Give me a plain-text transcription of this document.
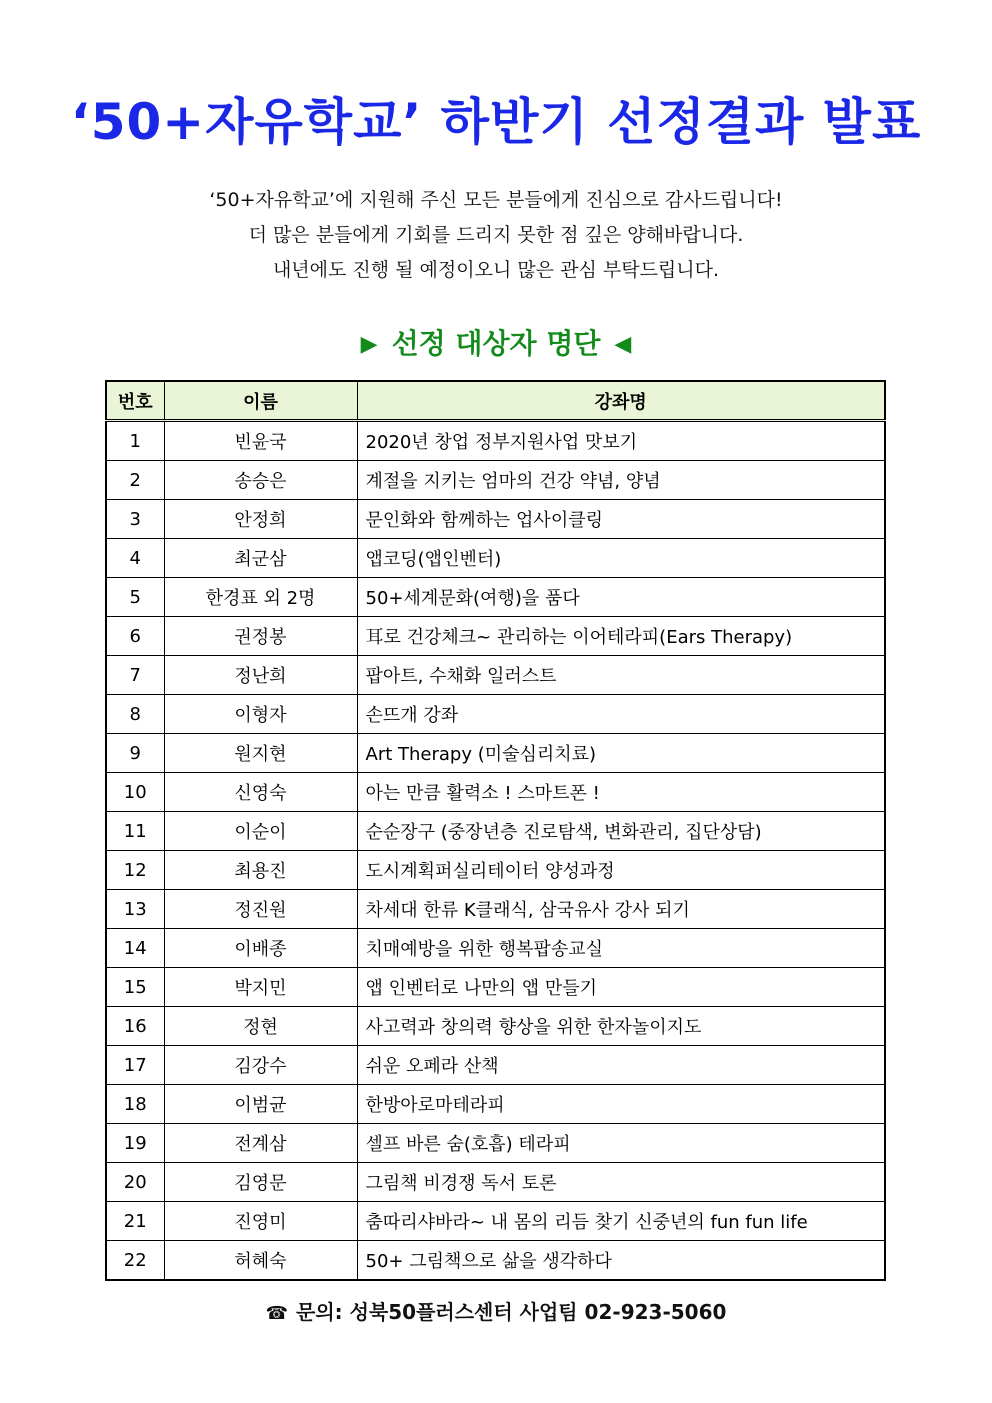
‘50+자유학교’ 하반기 선정결과 발표
‘50+자유학교’에 지원해 주신 모든 분들에게 진심으로 감사드립니다!
더 많은 분들에게 기회를 드리지 못한 점 깊은 양해바랍니다.
내년에도 진행 될 예정이오니 많은 관심 부탁드립니다.
▶ 선정 대상자 명단 ◀
번호	이름	강좌명
1	빈윤국	2020년 창업 정부지원사업 맛보기
2	송승은	계절을 지키는 엄마의 건강 약념, 양념
3	안정희	문인화와 함께하는 업사이클링
4	최군삼	앱코딩(앱인벤터)
5	한경표 외 2명	50+세계문화(여행)을 품다
6	권정봉	耳로 건강체크~ 관리하는 이어테라피(Ears Therapy)
7	정난희	팝아트, 수채화 일러스트
8	이형자	손뜨개 강좌
9	원지현	Art Therapy (미술심리치료)
10	신영숙	아는 만큼 활력소 ! 스마트폰 !
11	이순이	순순장구 (중장년층 진로탐색, 변화관리, 집단상담)
12	최용진	도시계획퍼실리테이터 양성과정
13	정진원	차세대 한류 K클래식, 삼국유사 강사 되기
14	이배종	치매예방을 위한 행복팝송교실
15	박지민	앱 인벤터로 나만의 앱 만들기
16	정현	사고력과 창의력 향상을 위한 한자놀이지도
17	김강수	쉬운 오페라 산책
18	이범균	한방아로마테라피
19	전계삼	셀프 바른 숨(호흡) 테라피
20	김영문	그림책 비경쟁 독서 토론
21	진영미	춤따리샤바라~ 내 몸의 리듬 찾기 신중년의 fun fun life
22	허혜숙	50+ 그림책으로 삶을 생각하다
☎ 문의: 성북50플러스센터 사업팀 02-923-5060
